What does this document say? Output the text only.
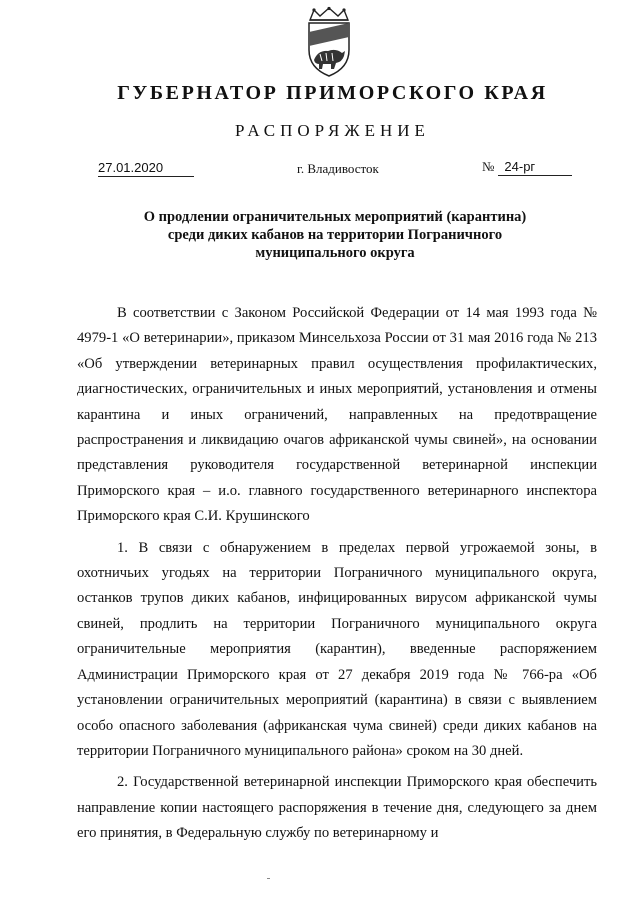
ГУБЕРНАТОР ПРИМОРСКОГО КРАЯ
РАСПОРЯЖЕНИЕ
27.01.2020	г. Владивосток	№ 24-рг
О продлении ограничительных мероприятий (карантина)
среди диких кабанов на территории Пограничного
муниципального округа

В соответствии с Законом Российской Федерации от 14 мая 1993 года № 4979-1 «О ветеринарии», приказом Минсельхоза России от 31 мая 2016 года № 213 «Об утверждении ветеринарных правил осуществления профилактических, диагностических, ограничительных и иных мероприятий, установления и отмены карантина и иных ограничений, направленных на предотвращение распространения и ликвидацию очагов африканской чумы свиней», на основании представления руководителя государственной ветеринарной инспекции Приморского края – и.о. главного государственного ветеринарного инспектора Приморского края С.И. Крушинского

1. В связи с обнаружением в пределах первой угрожаемой зоны, в охотничьих угодьях на территории Пограничного муниципального округа, останков трупов диких кабанов, инфицированных вирусом африканской чумы свиней, продлить на территории Пограничного муниципального округа ограничительные мероприятия (карантин), введенные распоряжением Администрации Приморского края от 27 декабря 2019 года № 766-ра «Об установлении ограничительных мероприятий (карантина) в связи с выявлением особо опасного заболевания (африканская чума свиней) среди диких кабанов на территории Пограничного муниципального района» сроком на 30 дней.

2. Государственной ветеринарной инспекции Приморского края обеспечить направление копии настоящего распоряжения в течение дня, следующего за днем его принятия, в Федеральную службу по ветеринарному и
